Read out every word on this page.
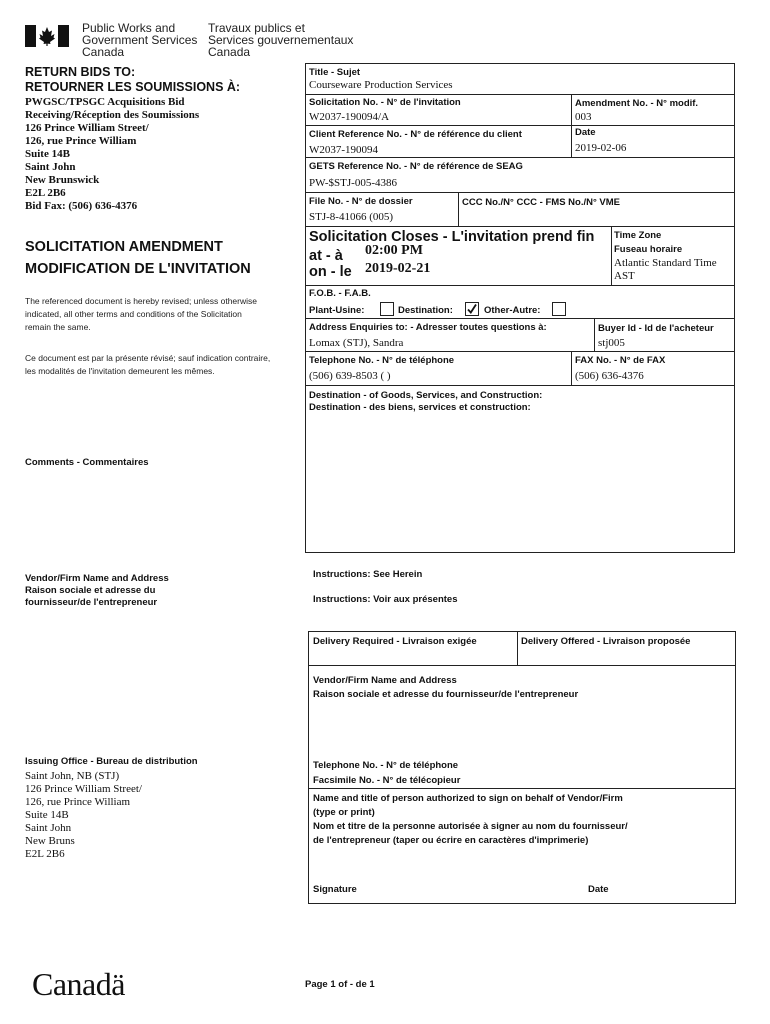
Public Works and
Government Services
Canada
Travaux publics et
Services gouvernementaux
Canada
RETURN BIDS TO:
RETOURNER LES SOUMISSIONS À:
PWGSC/TPSGC Acquisitions Bid
Receiving/Réception des Soumissions
126 Prince William Street/
126, rue Prince William
Suite 14B
Saint John
New Brunswick
E2L 2B6
Bid Fax: (506) 636-4376
SOLICITATION AMENDMENT
MODIFICATION DE L'INVITATION
The referenced document is hereby revised; unless otherwise
indicated, all other terms and conditions of the Solicitation
remain the same.
Ce document est par la présente révisé; sauf indication contraire,
les modalités de l'invitation demeurent les mêmes.
Comments - Commentaires
Vendor/Firm Name and Address
Raison sociale et adresse du
fournisseur/de l'entrepreneur
Issuing Office - Bureau de distribution
Saint John, NB (STJ)
126 Prince William Street/
126, rue Prince William
Suite 14B
Saint John
New Bruns
E2L 2B6
Canadä
Title - Sujet
Courseware Production Services
Solicitation No. - N° de l'invitation
W2037-190094/A
Amendment No. - N° modif.
003
Client Reference No. - N° de référence du client
W2037-190094
Date
2019-02-06
GETS Reference No. - N° de référence de SEAG
PW-$STJ-005-4386
File No. - N° de dossier
STJ-8-41066 (005)
CCC No./N° CCC - FMS No./N° VME
Solicitation Closes - L'invitation prend fin
at - à 02:00 PM
on - le 2019-02-21
Time Zone
Fuseau horaire
Atlantic Standard Time
AST
F.O.B. - F.A.B.
Plant-Usine:	Destination:	Other-Autre:
Address Enquiries to: - Adresser toutes questions à:
Lomax (STJ), Sandra
Buyer Id - Id de l'acheteur
stj005
Telephone No. - N° de téléphone
(506) 639-8503 ( )
FAX No. - N° de FAX
(506) 636-4376
Destination - of Goods, Services, and Construction:
Destination - des biens, services et construction:
Instructions: See Herein
Instructions: Voir aux présentes
Delivery Required - Livraison exigée	Delivery Offered - Livraison proposée
Vendor/Firm Name and Address
Raison sociale et adresse du fournisseur/de l'entrepreneur
Telephone No. - N° de téléphone
Facsimile No. - N° de télécopieur
Name and title of person authorized to sign on behalf of Vendor/Firm
(type or print)
Nom et titre de la personne autorisée à signer au nom du fournisseur/
de l'entrepreneur (taper ou écrire en caractères d'imprimerie)
Signature	Date
Page 1 of - de 1
